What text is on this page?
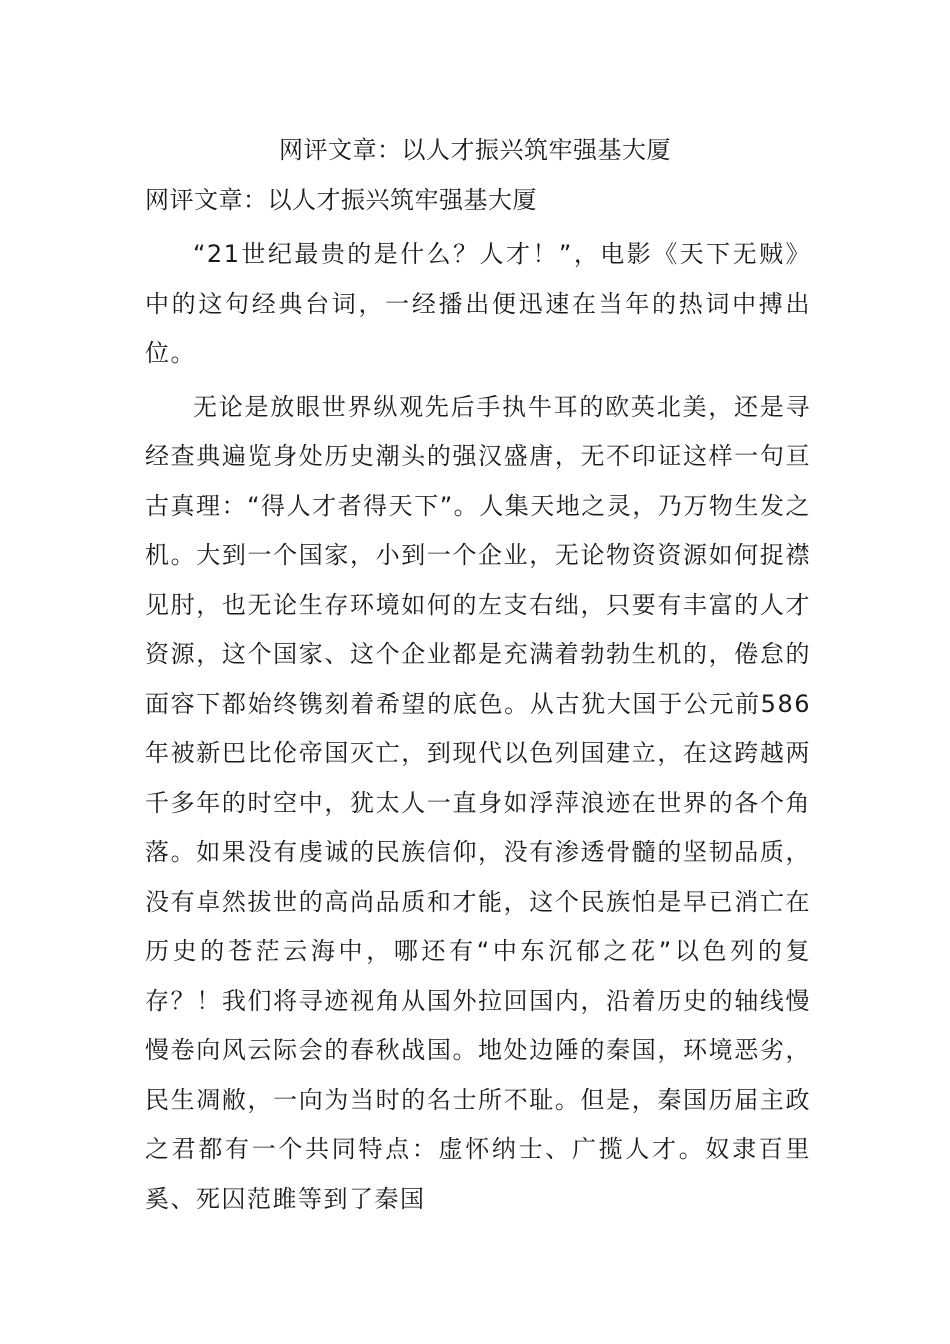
网评文章：以人才振兴筑牢强基大厦
网评文章：以人才振兴筑牢强基大厦

“21世纪最贵的是什么？人才！”，电影《天下无贼》中的这句经典台词，一经播出便迅速在当年的热词中搏出位。

无论是放眼世界纵观先后手执牛耳的欧英北美，还是寻经查典遍览身处历史潮头的强汉盛唐，无不印证这样一句亘古真理：“得人才者得天下”。人集天地之灵，乃万物生发之机。大到一个国家，小到一个企业，无论物资资源如何捉襟见肘，也无论生存环境如何的左支右绌，只要有丰富的人才资源，这个国家、这个企业都是充满着勃勃生机的，倦怠的面容下都始终镌刻着希望的底色。从古犹大国于公元前586年被新巴比伦帝国灭亡，到现代以色列国建立，在这跨越两千多年的时空中，犹太人一直身如浮萍浪迹在世界的各个角落。如果没有虔诚的民族信仰，没有渗透骨髓的坚韧品质，没有卓然拔世的高尚品质和才能，这个民族怕是早已消亡在历史的苍茫云海中，哪还有“中东沉郁之花”以色列的复存？！我们将寻迹视角从国外拉回国内，沿着历史的轴线慢慢卷向风云际会的春秋战国。地处边陲的秦国，环境恶劣，民生凋敝，一向为当时的名士所不耻。但是，秦国历届主政之君都有一个共同特点：虚怀纳士、广揽人才。奴隶百里奚、死囚范雎等到了秦国
